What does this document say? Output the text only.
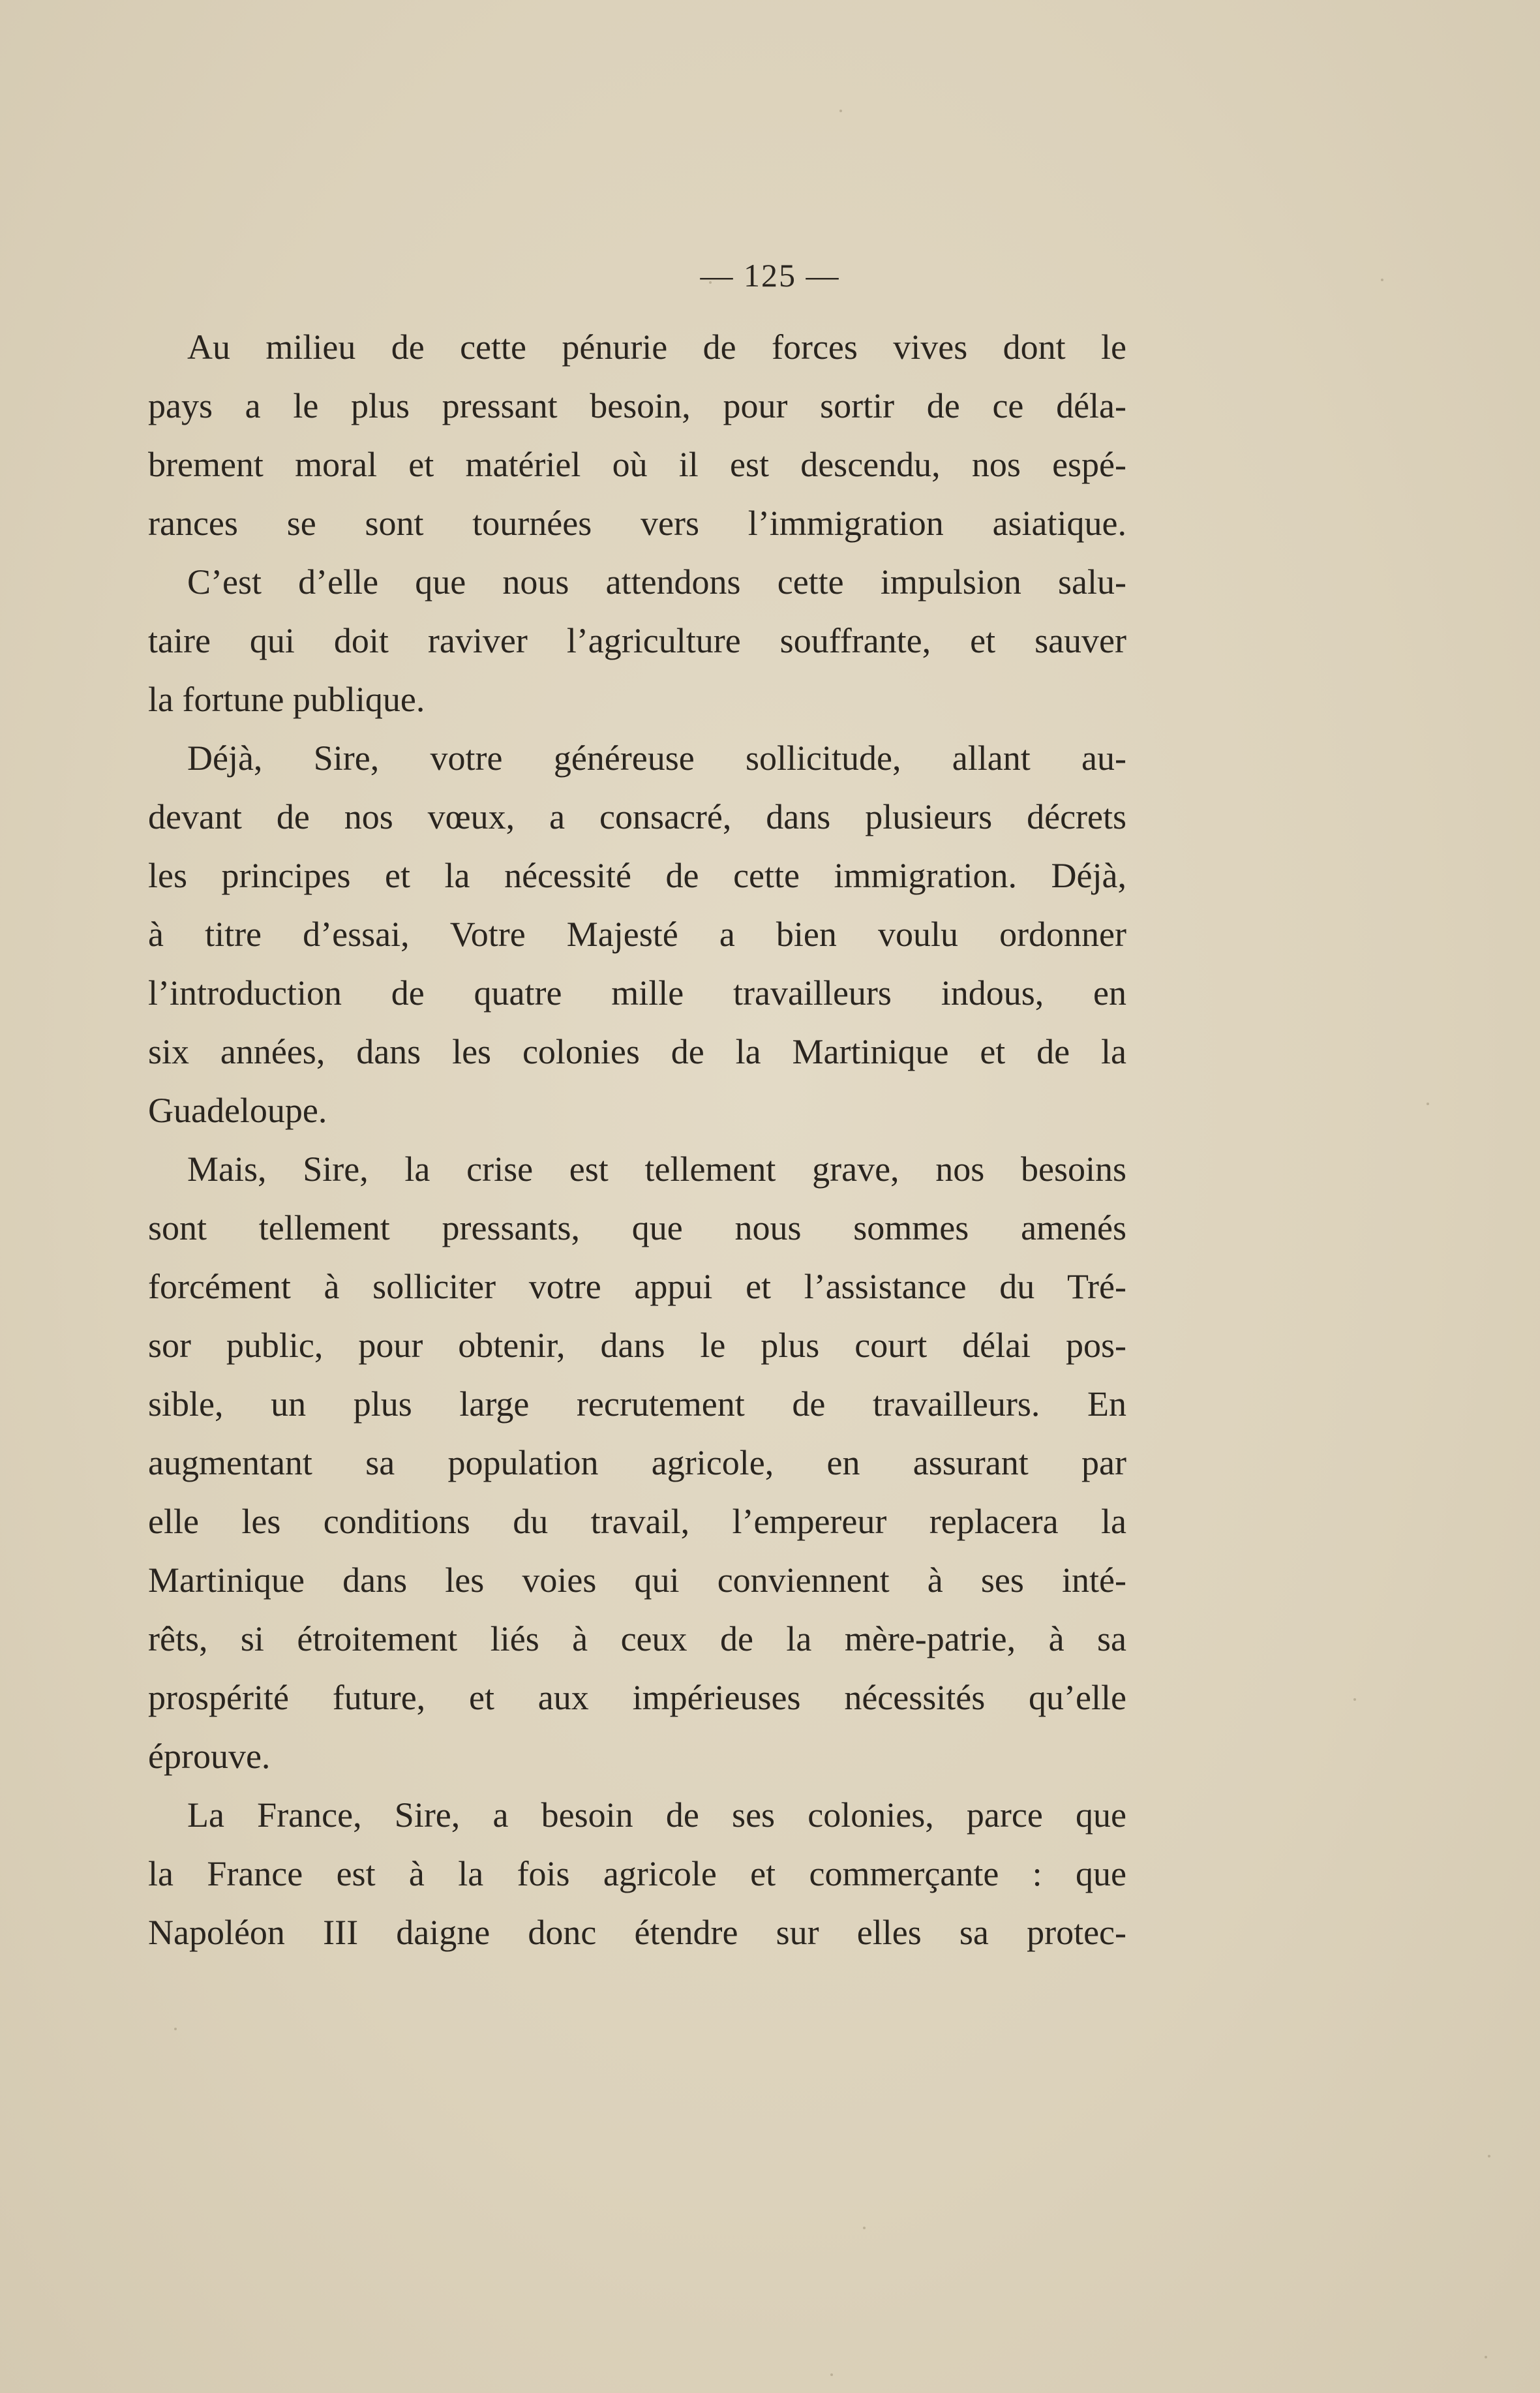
— 125 —
Au milieu de cette pénurie de forces vives dont le
pays a le plus pressant besoin, pour sortir de ce déla-
brement moral et matériel où il est descendu, nos espé-
rances se sont tournées vers l’immigration asiatique.
C’est d’elle que nous attendons cette impulsion salu-
taire qui doit raviver l’agriculture souffrante, et sauver
la fortune publique.
Déjà, Sire, votre généreuse sollicitude, allant au-
devant de nos vœux, a consacré, dans plusieurs décrets
les principes et la nécessité de cette immigration. Déjà,
à titre d’essai, Votre Majesté a bien voulu ordonner
l’introduction de quatre mille travailleurs indous, en
six années, dans les colonies de la Martinique et de la
Guadeloupe.
Mais, Sire, la crise est tellement grave, nos besoins
sont tellement pressants, que nous sommes amenés
forcément à solliciter votre appui et l’assistance du Tré-
sor public, pour obtenir, dans le plus court délai pos-
sible, un plus large recrutement de travailleurs. En
augmentant sa population agricole, en assurant par
elle les conditions du travail, l’empereur replacera la
Martinique dans les voies qui conviennent à ses inté-
rêts, si étroitement liés à ceux de la mère-patrie, à sa
prospérité future, et aux impérieuses nécessités qu’elle
éprouve.
La France, Sire, a besoin de ses colonies, parce que
la France est à la fois agricole et commerçante : que
Napoléon III daigne donc étendre sur elles sa protec-
